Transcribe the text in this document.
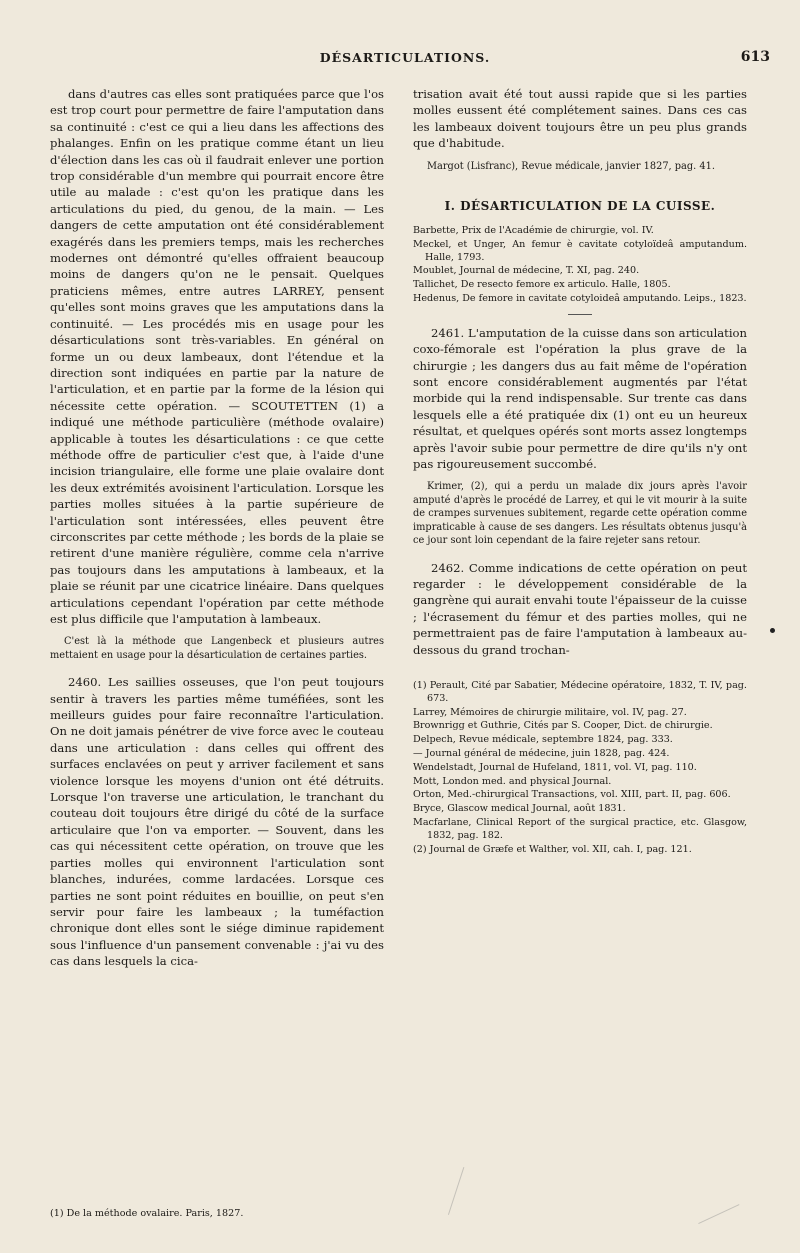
DÉSARTICULATIONS.	613

dans d'autres cas elles sont pratiquées parce que l'os est trop court pour permettre de faire l'amputation dans sa continuité : c'est ce qui a lieu dans les affections des phalanges. Enfin on les pratique comme étant un lieu d'élection dans les cas où il faudrait enlever une portion trop considérable d'un membre qui pourrait encore être utile au malade : c'est qu'on les pratique dans les articulations du pied, du genou, de la main. — Les dangers de cette amputation ont été considérablement exagérés dans les premiers temps, mais les recherches modernes ont démontré qu'elles offraient beaucoup moins de dangers qu'on ne le pensait. Quelques praticiens mêmes, entre autres LARREY, pensent qu'elles sont moins graves que les amputations dans la continuité. — Les procédés mis en usage pour les désarticulations sont très-variables. En général on forme un ou deux lambeaux, dont l'étendue et la direction sont indiquées en partie par la nature de l'articulation, et en partie par la forme de la lésion qui nécessite cette opération. — SCOUTETTEN (1) a indiqué une méthode particulière (méthode ovalaire) applicable à toutes les désarticulations : ce que cette méthode offre de particulier c'est que, à l'aide d'une incision triangulaire, elle forme une plaie ovalaire dont les deux extrémités avoisinent l'articulation. Lorsque les parties molles situées à la partie supérieure de l'articulation sont intéressées, elles peuvent être circonscrites par cette méthode ; les bords de la plaie se retirent d'une manière régulière, comme cela n'arrive pas toujours dans les amputations à lambeaux, et la plaie se réunit par une cicatrice linéaire. Dans quelques articulations cependant l'opération par cette méthode est plus difficile que l'amputation à lambeaux.

C'est là la méthode que Langenbeck et plusieurs autres mettaient en usage pour la désarticulation de certaines parties.

2460. Les saillies osseuses, que l'on peut toujours sentir à travers les parties même tuméfiées, sont les meilleurs guides pour faire reconnaître l'articulation. On ne doit jamais pénétrer de vive force avec le couteau dans une articulation : dans celles qui offrent des surfaces enclavées on peut y arriver facilement et sans violence lorsque les moyens d'union ont été détruits. Lorsque l'on traverse une articulation, le tranchant du couteau doit toujours être dirigé du côté de la surface articulaire que l'on va emporter. — Souvent, dans les cas qui nécessitent cette opération, on trouve que les parties molles qui environnent l'articulation sont blanches, indurées, comme lardacées. Lorsque ces parties ne sont point réduites en bouillie, on peut s'en servir pour faire les lambeaux ; la tuméfaction chronique dont elles sont le siége diminue rapidement sous l'influence d'un pansement convenable : j'ai vu des cas dans lesquels la cica-

(1) De la méthode ovalaire. Paris, 1827.

trisation avait été tout aussi rapide que si les parties molles eussent été complétement saines. Dans ces cas les lambeaux doivent toujours être un peu plus grands que d'habitude.

Margot (Lisfranc), Revue médicale, janvier 1827, pag. 41.

I. DÉSARTICULATION DE LA CUISSE.

Barbette, Prix de l'Académie de chirurgie, vol. IV.

Meckel, et Unger, An femur è cavitate cotyloïdeâ amputandum. Halle, 1793.

Moublet, Journal de médecine, T. XI, pag. 240.

Tallichet, De resecto femore ex articulo. Halle, 1805.

Hedenus, De femore in cavitate cotyloideâ amputando. Leips., 1823.

2461. L'amputation de la cuisse dans son articulation coxo-fémorale est l'opération la plus grave de la chirurgie ; les dangers dus au fait même de l'opération sont encore considérablement augmentés par l'état morbide qui la rend indispensable. Sur trente cas dans lesquels elle a été pratiquée dix (1) ont eu un heureux résultat, et quelques opérés sont morts assez longtemps après l'avoir subie pour permettre de dire qu'ils n'y ont pas rigoureusement succombé.

Krimer, (2), qui a perdu un malade dix jours après l'avoir amputé d'après le procédé de Larrey, et qui le vit mourir à la suite de crampes survenues subitement, regarde cette opération comme impraticable à cause de ses dangers. Les résultats obtenus jusqu'à ce jour sont loin cependant de la faire rejeter sans retour.

2462. Comme indications de cette opération on peut regarder : le développement considérable de la gangrène qui aurait envahi toute l'épaisseur de la cuisse ; l'écrasement du fémur et des parties molles, qui ne permettraient pas de faire l'amputation à lambeaux au-dessous du grand trochan-

(1) Perault, Cité par Sabatier, Médecine opératoire, 1832, T. IV, pag. 673.

Larrey, Mémoires de chirurgie militaire, vol. IV, pag. 27.

Brownrigg et Guthrie, Cités par S. Cooper, Dict. de chirurgie.

Delpech, Revue médicale, septembre 1824, pag. 333.

— Journal général de médecine, juin 1828, pag. 424.

Wendelstadt, Journal de Hufeland, 1811, vol. VI, pag. 110.

Mott, London med. and physical Journal.

Orton, Med.-chirurgical Transactions, vol. XIII, part. II, pag. 606.

Bryce, Glascow medical Journal, août 1831.

Macfarlane, Clinical Report of the surgical practice, etc. Glasgow, 1832, pag. 182.

(2) Journal de Græfe et Walther, vol. XII, cah. I, pag. 121.
